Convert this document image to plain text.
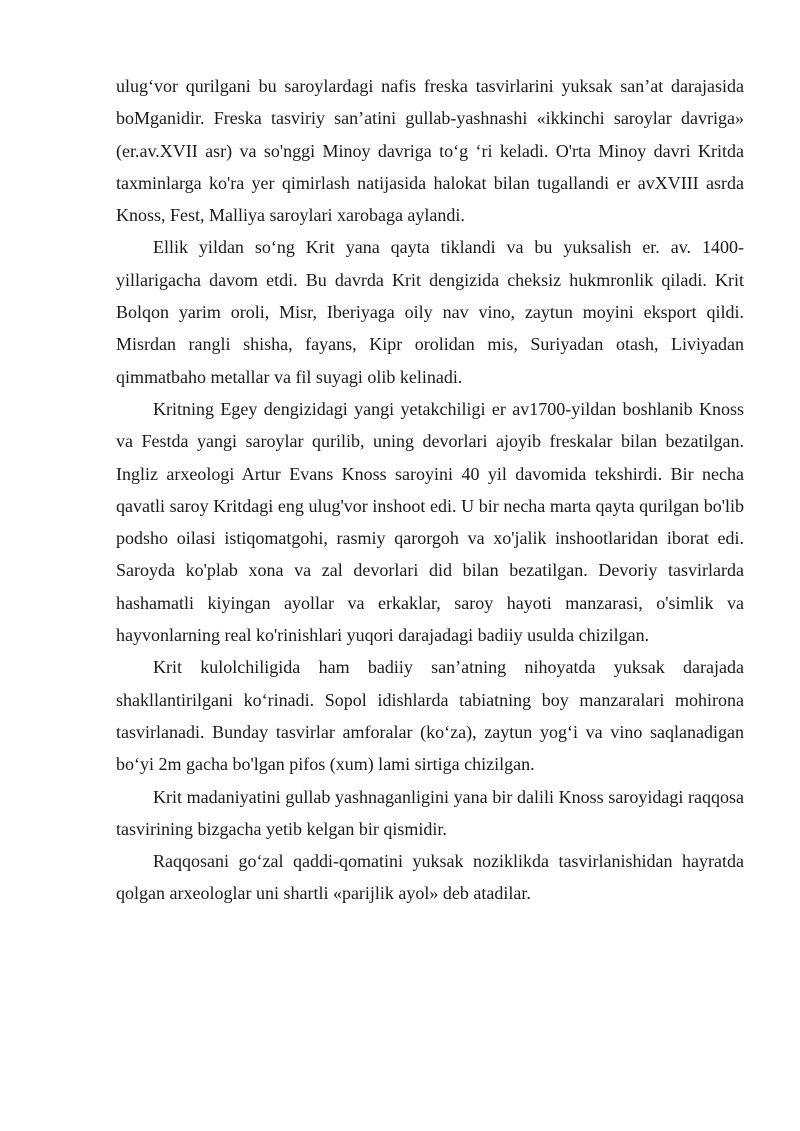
ulug‘vor qurilgani bu saroylardagi nafis freska tasvirlarini yuksak san’at darajasida boMganidir. Freska tasviriy san’atini gullab-yashnashi «ikkinchi saroylar davriga» (er.av.XVII asr) va so'nggi Minoy davriga to‘g ‘ri keladi. O'rta Minoy davri Kritda taxminlarga ko'ra yer qimirlash natijasida halokat bilan tugallandi er avXVIII asrda Knoss, Fest, Malliya saroylari xarobaga aylandi.

Ellik yildan so‘ng Krit yana qayta tiklandi va bu yuksalish er. av. 1400-yillarigacha davom etdi. Bu davrda Krit dengizida cheksiz hukmronlik qiladi. Krit Bolqon yarim oroli, Misr, Iberiyaga oily nav vino, zaytun moyini eksport qildi. Misrdan rangli shisha, fayans, Kipr orolidan mis, Suriyadan otash, Liviyadan qimmatbaho metallar va fil suyagi olib kelinadi.

Kritning Egey dengizidagi yangi yetakchiligi er av1700-yildan boshlanib Knoss va Festda yangi saroylar qurilib, uning devorlari ajoyib freskalar bilan bezatilgan. Ingliz arxeologi Artur Evans Knoss saroyini 40 yil davomida tekshirdi. Bir necha qavatli saroy Kritdagi eng ulug'vor inshoot edi. U bir necha marta qayta qurilgan bo'lib podsho oilasi istiqomatgohi, rasmiy qarorgoh va xo'jalik inshootlaridan iborat edi. Saroyda ko'plab xona va zal devorlari did bilan bezatilgan. Devoriy tasvirlarda hashamatli kiyingan ayollar va erkaklar, saroy hayoti manzarasi, o'simlik va hayvonlarning real ko'rinishlari yuqori darajadagi badiiy usulda chizilgan.

Krit kulolchiligida ham badiiy san’atning nihoyatda yuksak darajada shakllantirilgani ko‘rinadi. Sopol idishlarda tabiatning boy manzaralari mohirona tasvirlanadi. Bunday tasvirlar amforalar (ko‘za), zaytun yog‘i va vino saqlanadigan bo‘yi 2m gacha bo'lgan pifos (xum) lami sirtiga chizilgan.

Krit madaniyatini gullab yashnaganligini yana bir dalili Knoss saroyidagi raqqosa tasvirining bizgacha yetib kelgan bir qismidir.

Raqqosani go‘zal qaddi-qomatini yuksak noziklikda tasvirlanishidan hayratda qolgan arxeologlar uni shartli «parijlik ayol» deb atadilar.
